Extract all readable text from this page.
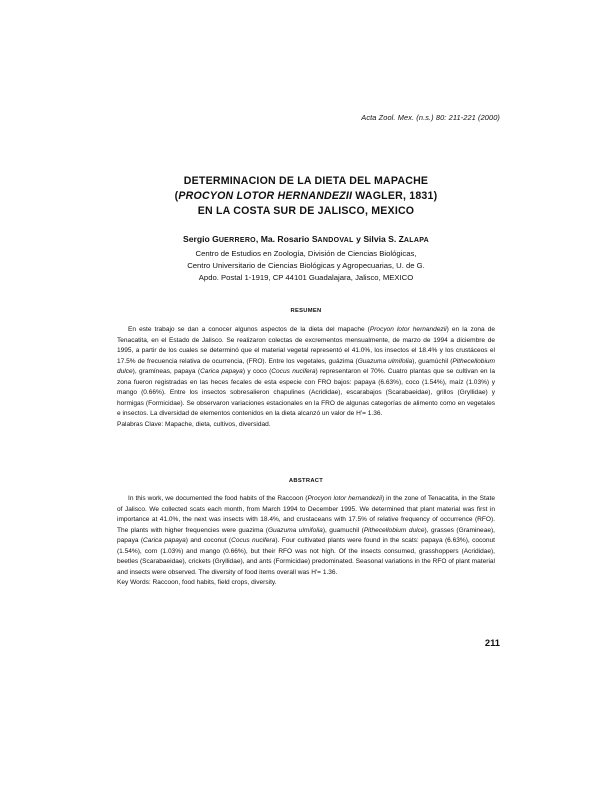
Acta Zool. Mex. (n.s.) 80: 211-221 (2000)
DETERMINACION DE LA DIETA DEL MAPACHE
(PROCYON LOTOR HERNANDEZII WAGLER, 1831)
EN LA COSTA SUR DE JALISCO, MEXICO
Sergio GUERRERO, Ma. Rosario SANDOVAL y Silvia S. ZALAPA
Centro de Estudios en Zoología, División de Ciencias Biológicas,
Centro Universitario de Ciencias Biológicas y Agropecuarias, U. de G.
Apdo. Postal 1-1919, CP 44101 Guadalajara, Jalisco, MEXICO
RESUMEN
En este trabajo se dan a conocer algunos aspectos de la dieta del mapache (Procyon lotor hernandezii) en la zona de Tenacatita, en el Estado de Jalisco. Se realizaron colectas de excrementos mensualmente, de marzo de 1994 a diciembre de 1995, a partir de los cuales se determinó que el material vegetal representó el 41.0%, los insectos el 18.4% y los crustáceos el 17.5% de frecuencia relativa de ocurrencia, (FRO). Entre los vegetales, guázima (Guazuma ulmifolia), guamúchil (Pithecellobium dulce), gramíneas, papaya (Carica papaya) y coco (Cocus nucifera) representaron el 70%. Cuatro plantas que se cultivan en la zona fueron registradas en las heces fecales de esta especie con FRO bajos: papaya (6.63%), coco (1.54%), maíz (1.03%) y mango (0.66%). Entre los insectos sobresalieron chapulines (Acrididae), escarabajos (Scarabaeidae), grillos (Gryllidae) y hormigas (Formicidae). Se observaron variaciones estacionales en la FRO de algunas categorías de alimento como en vegetales e insectos. La diversidad de elementos contenidos en la dieta alcanzó un valor de H'= 1.36.
Palabras Clave: Mapache, dieta, cultivos, diversidad.
ABSTRACT
In this work, we documented the food habits of the Raccoon (Procyon lotor hernandezii) in the zone of Tenacatita, in the State of Jalisco. We collected scats each month, from March 1994 to December 1995. We determined that plant material was first in importance at 41.0%, the next was insects with 18.4%, and crustaceans with 17.5% of relative frequency of occurrence (RFO). The plants with higher frequencies were guazima (Guazuma ulmifolia), guamuchil (Pithecellobium dulce), grasses (Gramineae), papaya (Carica papaya) and coconut (Cocus nucifera). Four cultivated plants were found in the scats: papaya (6.63%), coconut (1.54%), corn (1.03%) and mango (0.66%), but their RFO was not high. Of the insects consumed, grasshoppers (Acrididae), beetles (Scarabaeidae), crickets (Gryllidae), and ants (Formicidae) predominated. Seasonal variations in the RFO of plant material and insects were observed. The diversity of food items overall was H'= 1.36.
Key Words: Raccoon, food habits, field crops, diversity.
211
